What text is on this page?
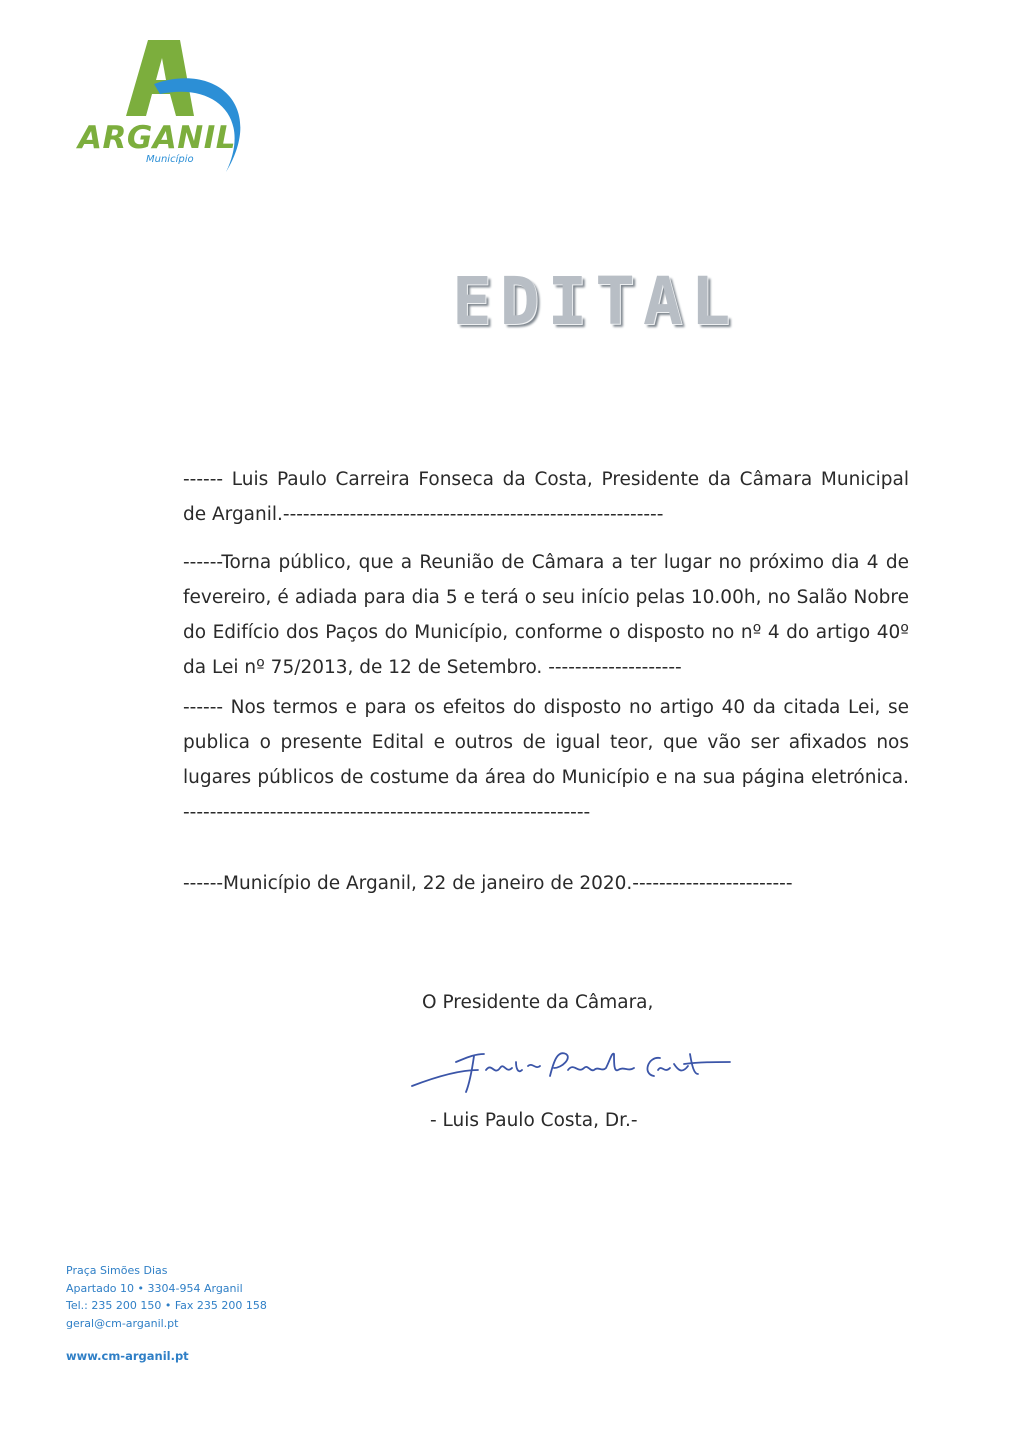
ARGANIL

Município

EDITAL

------ Luis Paulo Carreira Fonseca da Costa, Presidente da Câmara Municipal de Arganil.---------------------------------------------------------

------Torna público, que a Reunião de Câmara a ter lugar no próximo dia 4 de fevereiro, é adiada para dia 5 e terá o seu início pelas 10.00h, no Salão Nobre do Edifício dos Paços do Município, conforme o disposto no nº 4 do artigo 40º da Lei nº 75/2013, de 12 de Setembro. --------------------

------ Nos termos e para os efeitos do disposto no artigo 40 da citada Lei, se publica o presente Edital e outros de igual teor, que vão ser afixados nos lugares públicos de costume da área do Município e na sua página eletrónica. -------------------------------------------------------------

------Município de Arganil, 22 de janeiro de 2020.------------------------

O Presidente da Câmara,

- Luis Paulo Costa, Dr.-

Praça Simões Dias
Apartado 10 • 3304-954 Arganil
Tel.: 235 200 150 • Fax 235 200 158
geral@cm-arganil.pt

www.cm-arganil.pt
